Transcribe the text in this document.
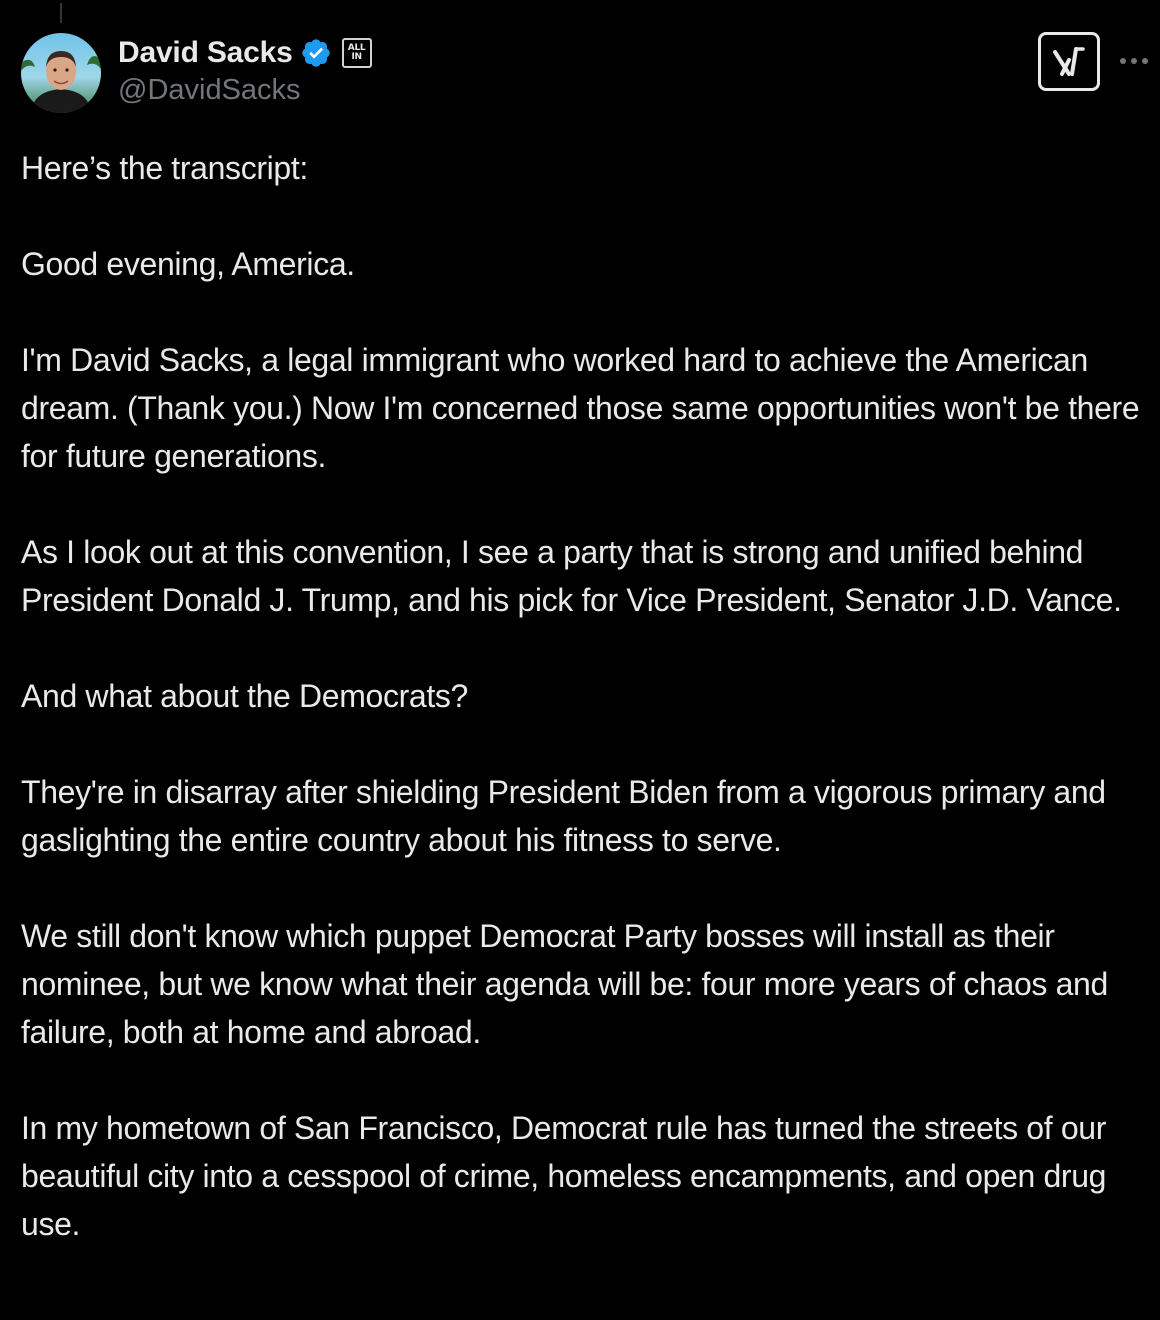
David Sacks	ALL
IN
@DavidSacks

Here’s the transcript:

Good evening, America.

I'm David Sacks, a legal immigrant who worked hard to achieve the American dream. (Thank you.) Now I'm concerned those same opportunities won't be there for future generations.

As I look out at this convention, I see a party that is strong and unified behind President Donald J. Trump, and his pick for Vice President, Senator J.D. Vance.

And what about the Democrats?

They're in disarray after shielding President Biden from a vigorous primary and gaslighting the entire country about his fitness to serve.

We still don't know which puppet Democrat Party bosses will install as their nominee, but we know what their agenda will be: four more years of chaos and failure, both at home and abroad.

In my hometown of San Francisco, Democrat rule has turned the streets of our beautiful city into a cesspool of crime, homeless encampments, and open drug use.
